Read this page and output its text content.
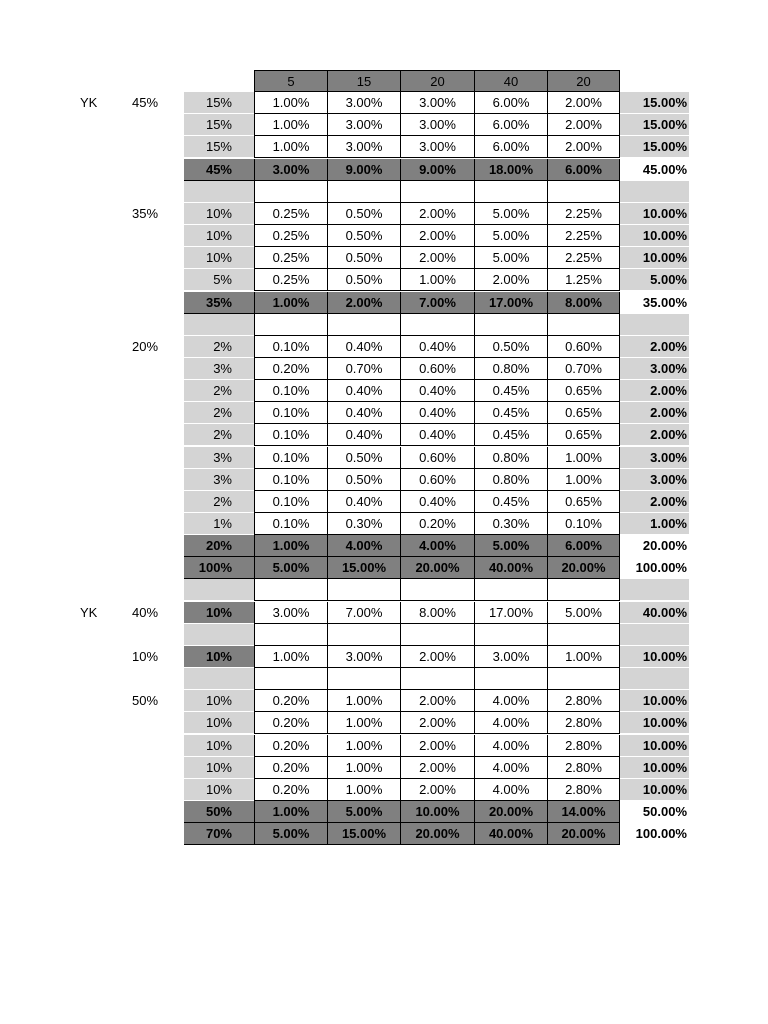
5	15	20	40	20
YK	45%	15%	1.00%	3.00%	3.00%	6.00%	2.00%	15.00%
15%	1.00%	3.00%	3.00%	6.00%	2.00%	15.00%
15%	1.00%	3.00%	3.00%	6.00%	2.00%	15.00%
45%	3.00%	9.00%	9.00%	18.00%	6.00%	45.00%
35%	10%	0.25%	0.50%	2.00%	5.00%	2.25%	10.00%
10%	0.25%	0.50%	2.00%	5.00%	2.25%	10.00%
10%	0.25%	0.50%	2.00%	5.00%	2.25%	10.00%
5%	0.25%	0.50%	1.00%	2.00%	1.25%	5.00%
35%	1.00%	2.00%	7.00%	17.00%	8.00%	35.00%
20%	2%	0.10%	0.40%	0.40%	0.50%	0.60%	2.00%
3%	0.20%	0.70%	0.60%	0.80%	0.70%	3.00%
2%	0.10%	0.40%	0.40%	0.45%	0.65%	2.00%
2%	0.10%	0.40%	0.40%	0.45%	0.65%	2.00%
2%	0.10%	0.40%	0.40%	0.45%	0.65%	2.00%
3%	0.10%	0.50%	0.60%	0.80%	1.00%	3.00%
3%	0.10%	0.50%	0.60%	0.80%	1.00%	3.00%
2%	0.10%	0.40%	0.40%	0.45%	0.65%	2.00%
1%	0.10%	0.30%	0.20%	0.30%	0.10%	1.00%
20%	1.00%	4.00%	4.00%	5.00%	6.00%	20.00%
100%	5.00%	15.00%	20.00%	40.00%	20.00%	100.00%
YK	40%	10%	3.00%	7.00%	8.00%	17.00%	5.00%	40.00%
10%	10%	1.00%	3.00%	2.00%	3.00%	1.00%	10.00%
50%	10%	0.20%	1.00%	2.00%	4.00%	2.80%	10.00%
10%	0.20%	1.00%	2.00%	4.00%	2.80%	10.00%
10%	0.20%	1.00%	2.00%	4.00%	2.80%	10.00%
10%	0.20%	1.00%	2.00%	4.00%	2.80%	10.00%
10%	0.20%	1.00%	2.00%	4.00%	2.80%	10.00%
50%	1.00%	5.00%	10.00%	20.00%	14.00%	50.00%
70%	5.00%	15.00%	20.00%	40.00%	20.00%	100.00%
